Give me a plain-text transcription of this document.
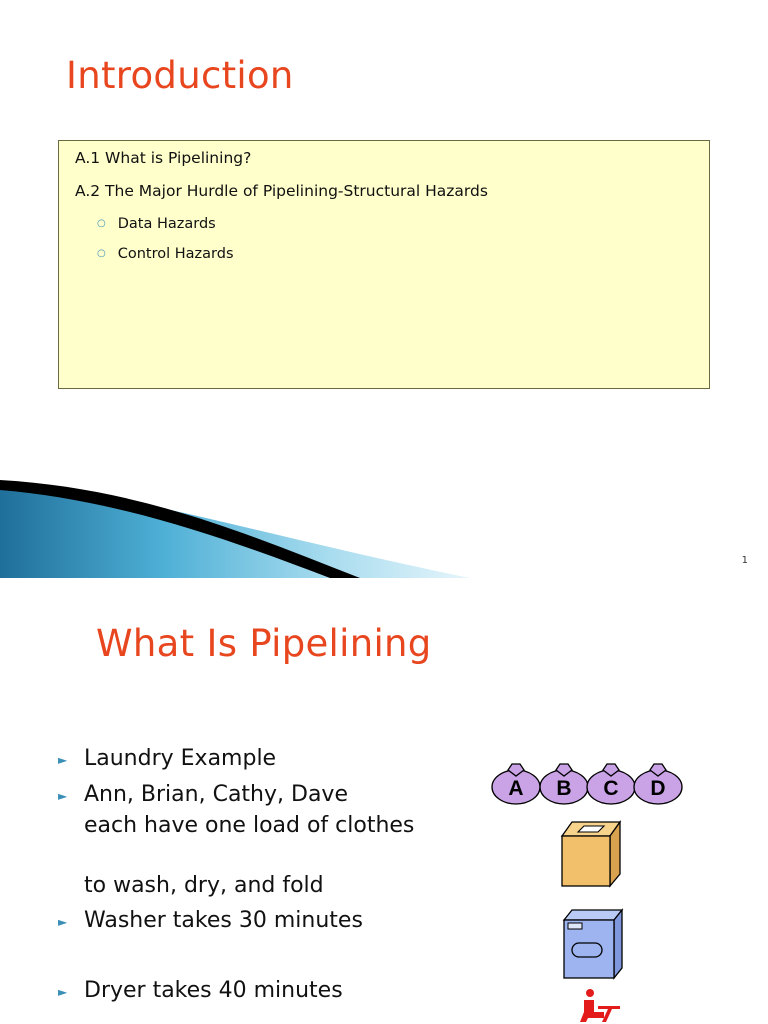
Introduction
A.1 What is Pipelining?
A.2 The Major Hurdle of Pipelining-Structural Hazards
○ Data Hazards
○ Control Hazards
1
What Is Pipelining
► Laundry Example
► Ann, Brian, Cathy, Dave
each have one load of clothes
to wash, dry, and fold
► Washer takes 30 minutes
► Dryer takes 40 minutes
A B C D
